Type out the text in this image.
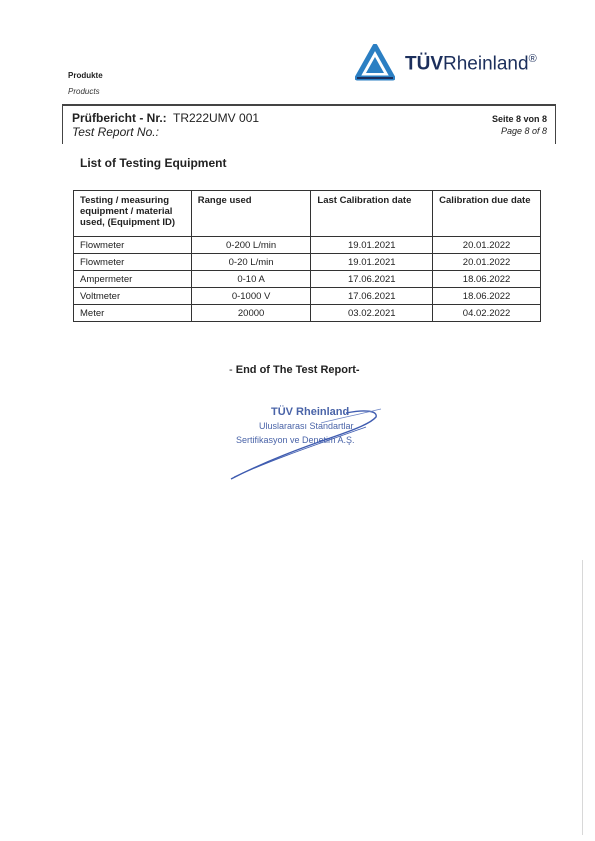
Produkte
Products
TÜVRheinland®
Prüfbericht - Nr.: TR222UMV 001
Test Report No.:
Seite 8 von 8
Page 8 of 8
List of Testing Equipment
Testing / measuring equipment / material used, (Equipment ID)	Range used	Last Calibration date	Calibration due date
Flowmeter	0-200 L/min	19.01.2021	20.01.2022
Flowmeter	0-20 L/min	19.01.2021	20.01.2022
Ampermeter	0-10 A	17.06.2021	18.06.2022
Voltmeter	0-1000 V	17.06.2021	18.06.2022
Meter	20000	03.02.2021	04.02.2022
- End of The Test Report-
TÜV Rheinland
Uluslararası Standartlar
Sertifikasyon ve Denetim A.Ş.
